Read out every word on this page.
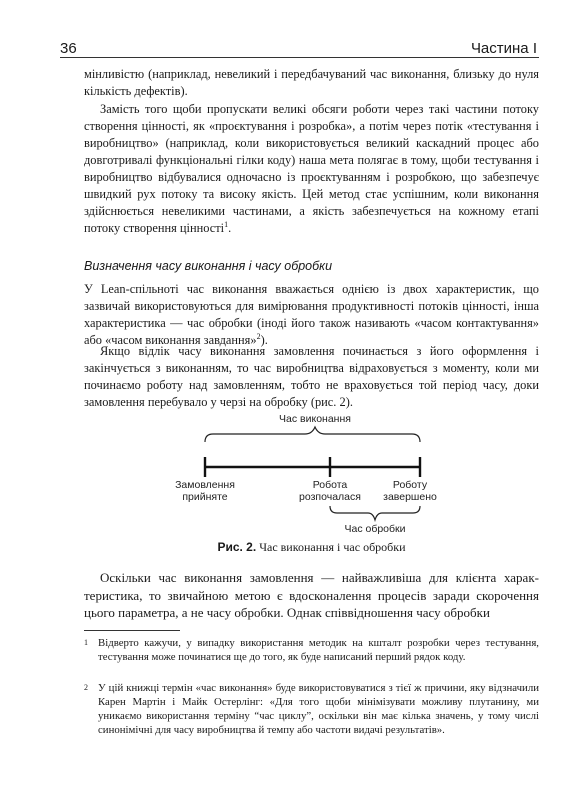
36	Частина I

мінливістю (наприклад, невеликий і передбачуваний час виконання, близьку до нуля кількість дефектів).

Замість того щоби пропускати великі обсяги роботи через такі частини потоку створення цінності, як «проєктування і розробка», а потім через потік «тестування і виробництво» (наприклад, коли використовується великий каскадний процес або довготривалі функціональні гілки коду) наша мета полягає в тому, щоби тестування і виробництво відбувалися одночасно із проєктуванням і розробкою, що забезпечує швидкий рух потоку та високу якість. Цей метод стає успішним, коли виконання здійснюється невеликими частинами, а якість забезпечується на кожному етапі потоку створення цінності$^1$.

Визначення часу виконання і часу обробки

У Lean-спільноті час виконання вважається однією із двох характеристик, що зазвичай використовуються для вимірювання продуктивності потоків цінності, інша характеристика — час обробки (іноді його також називають «часом контактування» або «часом виконання завдання»$^2$).

Якщо відлік часу виконання замовлення починається з його оформлення і закінчується з виконанням, то час виробництва відраховується з моменту, коли ми починаємо роботу над замовленням, тобто не враховується той період часу, доки замовлення перебувало у черзі на обробку (рис. 2).

Час виконання
Замовлення
прийняте
Робота
розпочалася
Роботу
завершено
Час обробки
Рис. 2. Час виконання і час обробки

Оскільки час виконання замовлення — найважливіша для клієнта характеристика, то звичайною метою є вдосконалення процесів заради скорочення цього параметра, а не часу обробки. Однак співвідношення часу обробки

1 Відверто кажучи, у випадку використання методик на кшталт розробки через тестування, тестування може починатися ще до того, як буде написаний перший рядок коду.
2 У цій книжці термін «час виконання» буде використовуватися з тієї ж причини, яку відзначили Карен Мартін і Майк Остерлінг: «Для того щоби мінімізувати можливу плутанину, ми уникаємо використання терміну “час циклу”, оскільки він має кілька значень, у тому числі синонімічні для часу виробництва й темпу або частоти видачі результатів».
